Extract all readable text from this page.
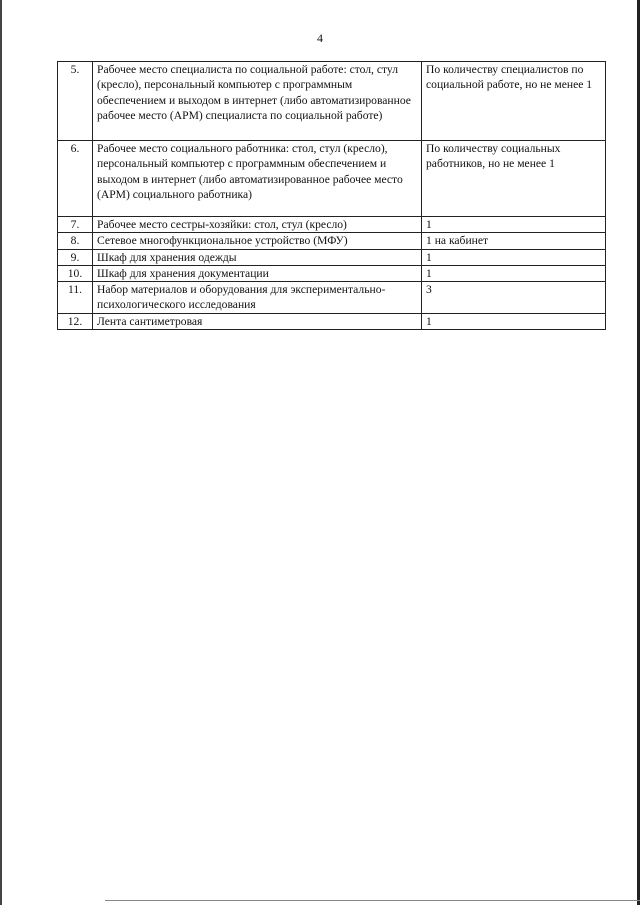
4
5.	Рабочее место специалиста по социальной работе: стол, стул (кресло), персональный компьютер с программным обеспечением и выходом в интернет (либо автоматизированное рабочее место (АРМ) специалиста по социальной работе)	По количеству специалистов по социальной работе, но не менее 1
6.	Рабочее место социального работника: стол, стул (кресло), персональный компьютер с программным обеспечением и выходом в интернет (либо автоматизированное рабочее место (АРМ) социального работника)	По количеству социальных работников, но не менее 1
7.	Рабочее место сестры-хозяйки: стол, стул (кресло)	1
8.	Сетевое многофункциональное устройство (МФУ)	1 на кабинет
9.	Шкаф для хранения одежды	1
10.	Шкаф для хранения документации	1
11.	Набор материалов и оборудования для экспериментально-психологического исследования	3
12.	Лента сантиметровая	1
